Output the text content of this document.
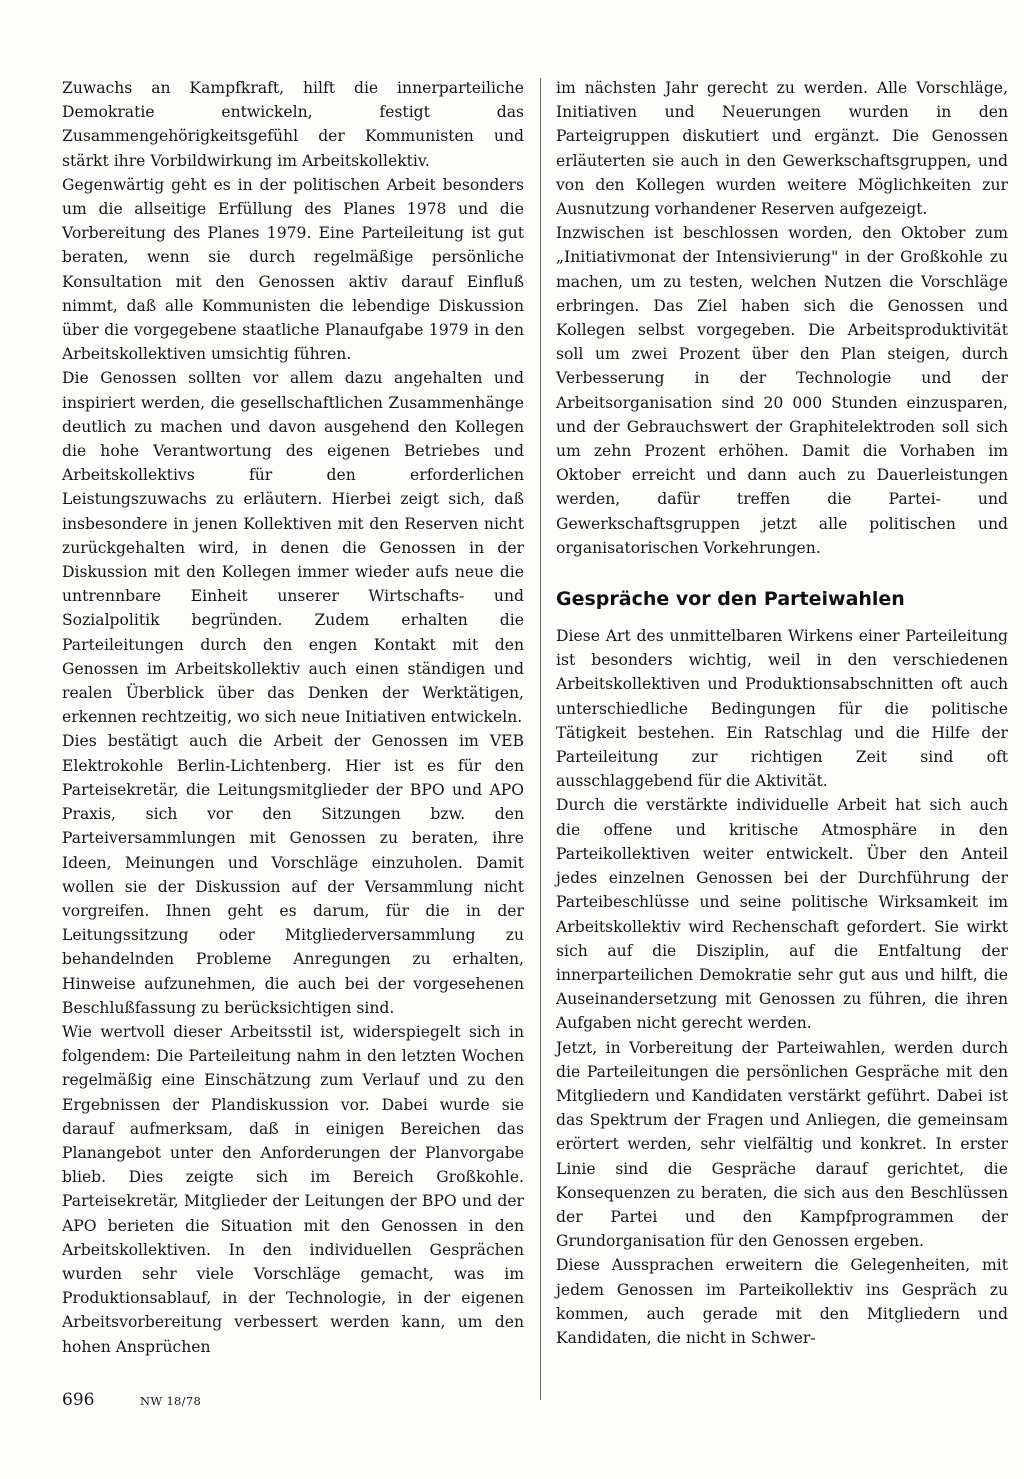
Zuwachs an Kampfkraft, hilft die innerparteiliche Demokratie entwickeln, festigt das Zusammengehörigkeitsgefühl der Kommunisten und stärkt ihre Vorbildwirkung im Arbeitskollektiv.

Gegenwärtig geht es in der politischen Arbeit besonders um die allseitige Erfüllung des Planes 1978 und die Vorbereitung des Planes 1979. Eine Parteileitung ist gut beraten, wenn sie durch regelmäßige persönliche Konsultation mit den Genossen aktiv darauf Einfluß nimmt, daß alle Kommunisten die lebendige Diskussion über die vorgegebene staatliche Planaufgabe 1979 in den Arbeitskollektiven umsichtig führen.

Die Genossen sollten vor allem dazu angehalten und inspiriert werden, die gesellschaftlichen Zusammenhänge deutlich zu machen und davon ausgehend den Kollegen die hohe Verantwortung des eigenen Betriebes und Arbeitskollektivs für den erforderlichen Leistungszuwachs zu erläutern. Hierbei zeigt sich, daß insbesondere in jenen Kollektiven mit den Reserven nicht zurückgehalten wird, in denen die Genossen in der Diskussion mit den Kollegen immer wieder aufs neue die untrennbare Einheit unserer Wirtschafts- und Sozialpolitik begründen. Zudem erhalten die Parteileitungen durch den engen Kontakt mit den Genossen im Arbeitskollektiv auch einen ständigen und realen Überblick über das Denken der Werktätigen, erkennen rechtzeitig, wo sich neue Initiativen entwickeln.

Dies bestätigt auch die Arbeit der Genossen im VEB Elektrokohle Berlin-Lichtenberg. Hier ist es für den Parteisekretär, die Leitungsmitglieder der BPO und APO Praxis, sich vor den Sitzungen bzw. den Parteiversammlungen mit Genossen zu beraten, ihre Ideen, Meinungen und Vorschläge einzuholen. Damit wollen sie der Diskussion auf der Versammlung nicht vorgreifen. Ihnen geht es darum, für die in der Leitungssitzung oder Mitgliederversammlung zu behandelnden Probleme Anregungen zu erhalten, Hinweise aufzunehmen, die auch bei der vorgesehenen Beschlußfassung zu berücksichtigen sind.

Wie wertvoll dieser Arbeitsstil ist, widerspiegelt sich in folgendem: Die Parteileitung nahm in den letzten Wochen regelmäßig eine Einschätzung zum Verlauf und zu den Ergebnissen der Plandiskussion vor. Dabei wurde sie darauf aufmerksam, daß in einigen Bereichen das Planangebot unter den Anforderungen der Planvorgabe blieb. Dies zeigte sich im Bereich Großkohle. Parteisekretär, Mitglieder der Leitungen der BPO und der APO berieten die Situation mit den Genossen in den Arbeitskollektiven. In den individuellen Gesprächen wurden sehr viele Vorschläge gemacht, was im Produktionsablauf, in der Technologie, in der eigenen Arbeitsvorbereitung verbessert werden kann, um den hohen Ansprüchen

im nächsten Jahr gerecht zu werden. Alle Vorschläge, Initiativen und Neuerungen wurden in den Parteigruppen diskutiert und ergänzt. Die Genossen erläuterten sie auch in den Gewerkschaftsgruppen, und von den Kollegen wurden weitere Möglichkeiten zur Ausnutzung vorhandener Reserven aufgezeigt.

Inzwischen ist beschlossen worden, den Oktober zum „Initiativmonat der Intensivierung" in der Großkohle zu machen, um zu testen, welchen Nutzen die Vorschläge erbringen. Das Ziel haben sich die Genossen und Kollegen selbst vorgegeben. Die Arbeitsproduktivität soll um zwei Prozent über den Plan steigen, durch Verbesserung in der Technologie und der Arbeitsorganisation sind 20 000 Stunden einzusparen, und der Gebrauchswert der Graphitelektroden soll sich um zehn Prozent erhöhen. Damit die Vorhaben im Oktober erreicht und dann auch zu Dauerleistungen werden, dafür treffen die Partei- und Gewerkschaftsgruppen jetzt alle politischen und organisatorischen Vorkehrungen.

Gespräche vor den Parteiwahlen

Diese Art des unmittelbaren Wirkens einer Parteileitung ist besonders wichtig, weil in den verschiedenen Arbeitskollektiven und Produktionsabschnitten oft auch unterschiedliche Bedingungen für die politische Tätigkeit bestehen. Ein Ratschlag und die Hilfe der Parteileitung zur richtigen Zeit sind oft ausschlaggebend für die Aktivität.

Durch die verstärkte individuelle Arbeit hat sich auch die offene und kritische Atmosphäre in den Parteikollektiven weiter entwickelt. Über den Anteil jedes einzelnen Genossen bei der Durchführung der Parteibeschlüsse und seine politische Wirksamkeit im Arbeitskollektiv wird Rechenschaft gefordert. Sie wirkt sich auf die Disziplin, auf die Entfaltung der innerparteilichen Demokratie sehr gut aus und hilft, die Auseinandersetzung mit Genossen zu führen, die ihren Aufgaben nicht gerecht werden.

Jetzt, in Vorbereitung der Parteiwahlen, werden durch die Parteileitungen die persönlichen Gespräche mit den Mitgliedern und Kandidaten verstärkt geführt. Dabei ist das Spektrum der Fragen und Anliegen, die gemeinsam erörtert werden, sehr vielfältig und konkret. In erster Linie sind die Gespräche darauf gerichtet, die Konsequenzen zu beraten, die sich aus den Beschlüssen der Partei und den Kampfprogrammen der Grundorganisation für den Genossen ergeben.

Diese Aussprachen erweitern die Gelegenheiten, mit jedem Genossen im Parteikollektiv ins Gespräch zu kommen, auch gerade mit den Mitgliedern und Kandidaten, die nicht in Schwer-

696	NW 18/78
